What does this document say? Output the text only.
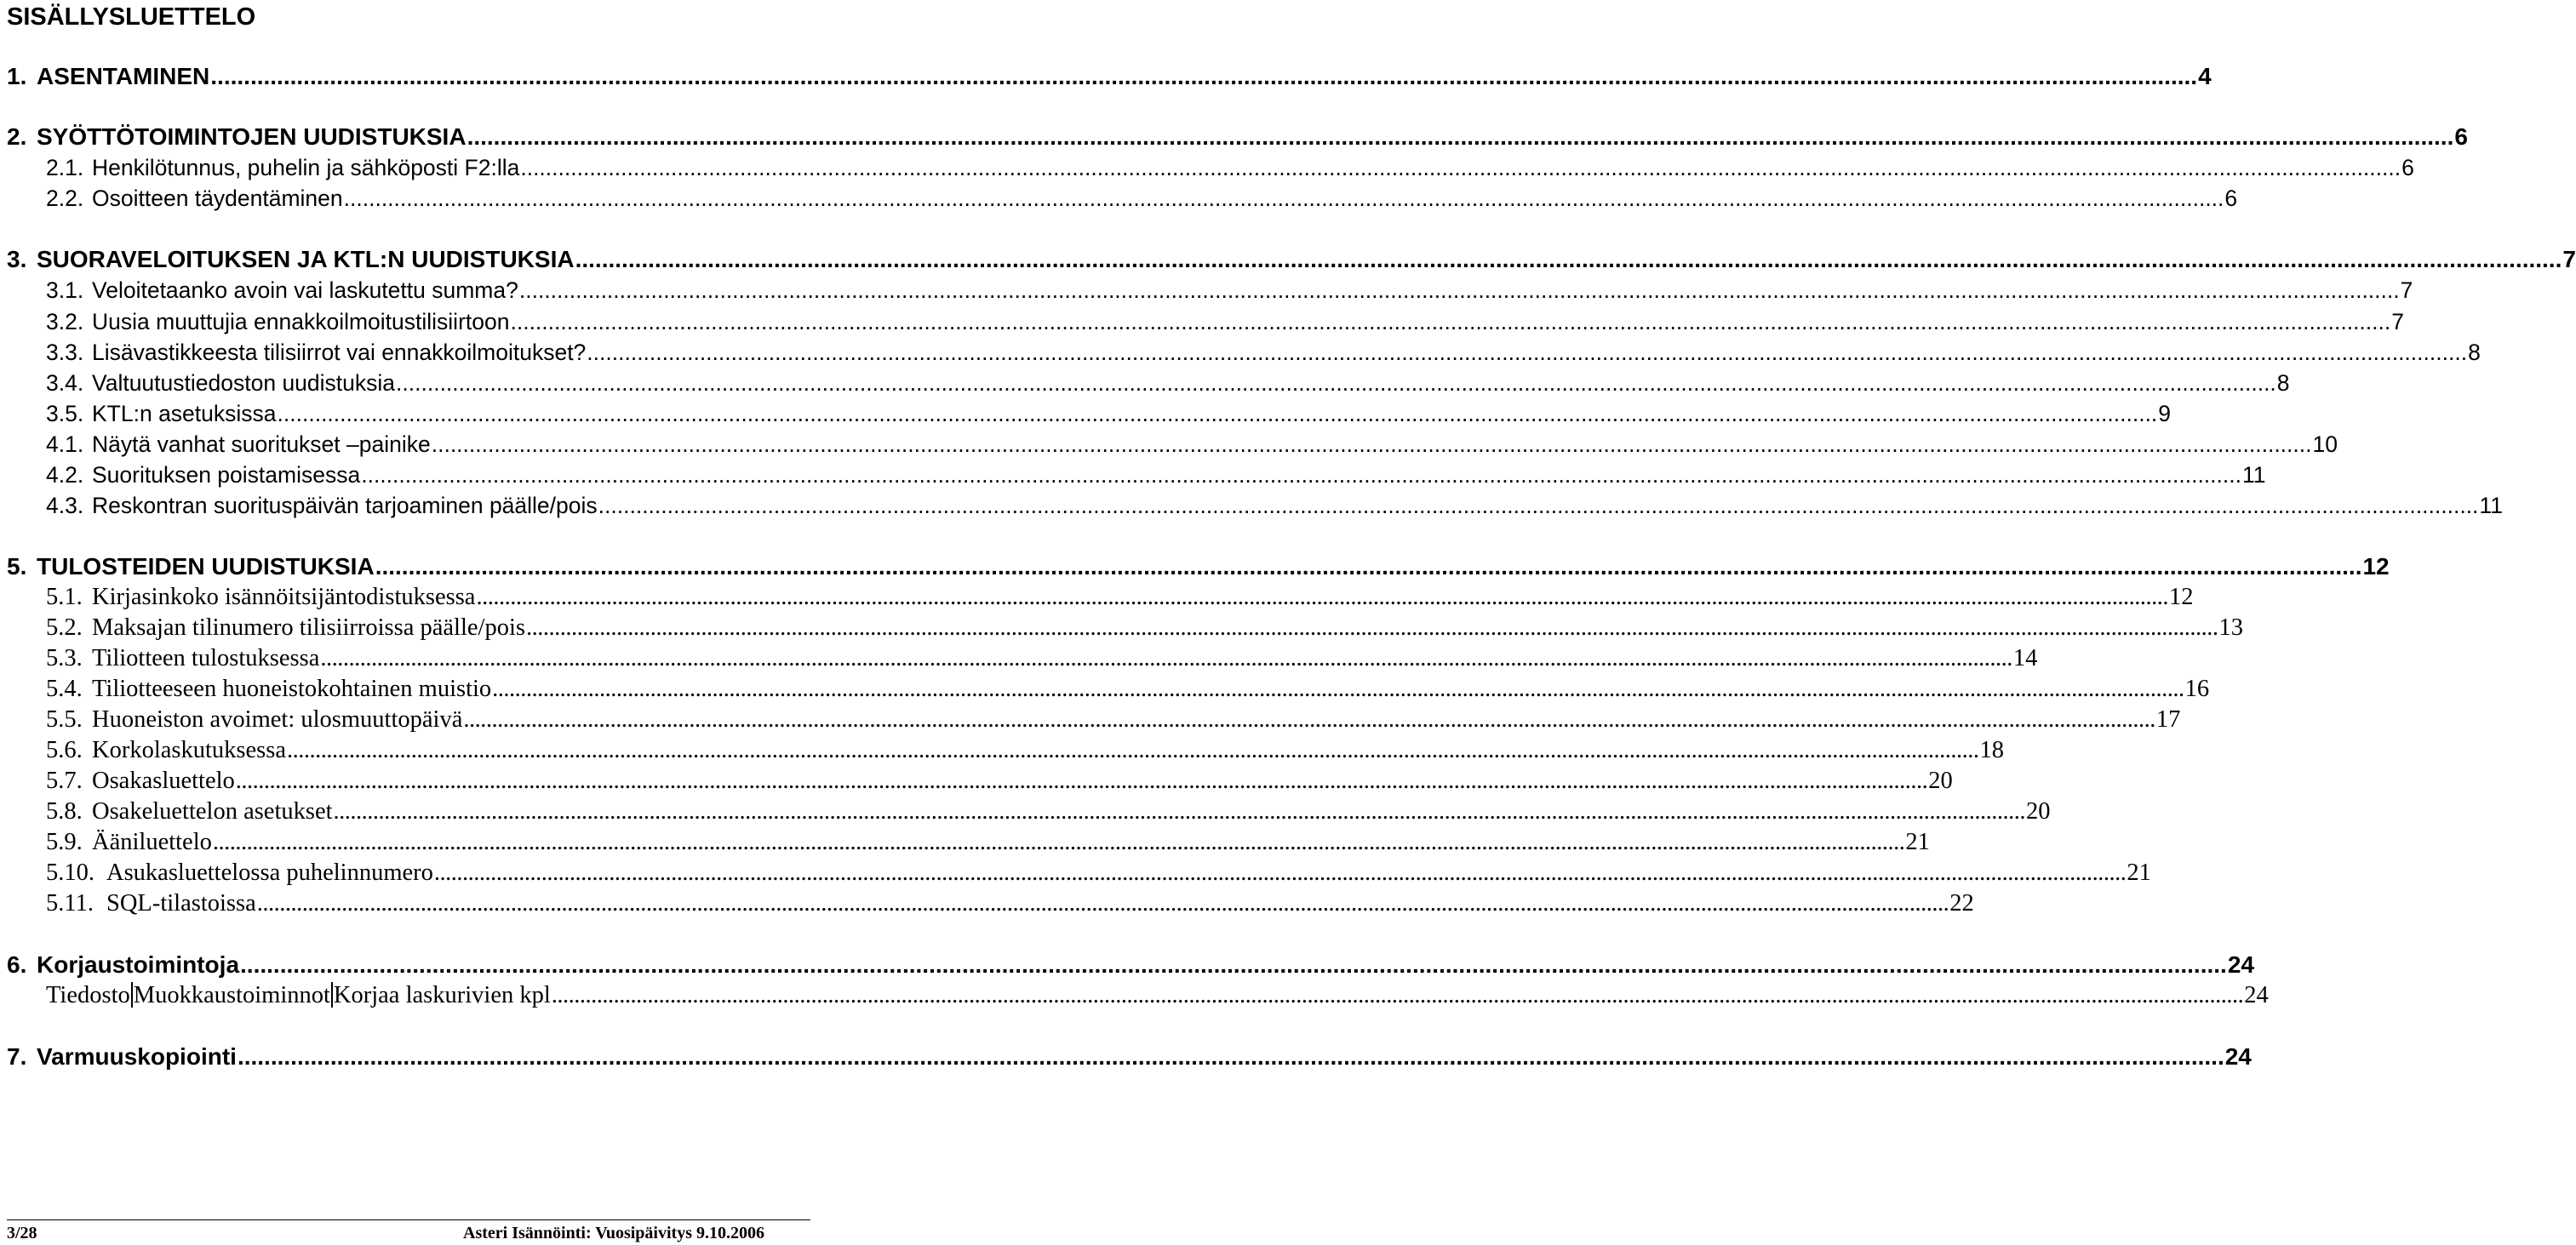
SISÄLLYSLUETTELO
1. ASENTAMINEN ............................................................................................................................................................................................................................................................................................................ 4
2. SYÖTTÖTOIMINTOJEN UUDISTUKSIA ............................................................................................................................................................................................................................................................................................................ 6
2.1. Henkilötunnus, puhelin ja sähköposti F2:lla ............................................................................................................................................................................................................................................................................................................ 6
2.2. Osoitteen täydentäminen ............................................................................................................................................................................................................................................................................................................ 6
3. SUORAVELOITUKSEN JA KTL:N UUDISTUKSIA ............................................................................................................................................................................................................................................................................................................ 7
3.1. Veloitetaanko avoin vai laskutettu summa? ............................................................................................................................................................................................................................................................................................................ 7
3.2. Uusia muuttujia ennakkoilmoitustilisiirtoon ............................................................................................................................................................................................................................................................................................................ 7
3.3. Lisävastikkeesta tilisiirrot vai ennakkoilmoitukset? ............................................................................................................................................................................................................................................................................................................ 8
3.4. Valtuutustiedoston uudistuksia ............................................................................................................................................................................................................................................................................................................ 8
3.5. KTL:n asetuksissa ............................................................................................................................................................................................................................................................................................................ 9
4.1. Näytä vanhat suoritukset –painike ............................................................................................................................................................................................................................................................................................................ 10
4.2. Suorituksen poistamisessa ............................................................................................................................................................................................................................................................................................................ 11
4.3. Reskontran suorituspäivän tarjoaminen päälle/pois ............................................................................................................................................................................................................................................................................................................ 11
5. TULOSTEIDEN UUDISTUKSIA ............................................................................................................................................................................................................................................................................................................ 12
5.1. Kirjasinkoko isännöitsijäntodistuksessa ............................................................................................................................................................................................................................................................................................................ 12
5.2. Maksajan tilinumero tilisiirroissa päälle/pois ............................................................................................................................................................................................................................................................................................................ 13
5.3. Tiliotteen tulostuksessa ............................................................................................................................................................................................................................................................................................................ 14
5.4. Tiliotteeseen huoneistokohtainen muistio ............................................................................................................................................................................................................................................................................................................ 16
5.5. Huoneiston avoimet: ulosmuuttopäivä ............................................................................................................................................................................................................................................................................................................ 17
5.6. Korkolaskutuksessa ............................................................................................................................................................................................................................................................................................................ 18
5.7. Osakasluettelo ............................................................................................................................................................................................................................................................................................................ 20
5.8. Osakeluettelon asetukset ............................................................................................................................................................................................................................................................................................................ 20
5.9. Ääniluettelo ............................................................................................................................................................................................................................................................................................................ 21
5.10. Asukasluettelossa puhelinnumero ............................................................................................................................................................................................................................................................................................................ 21
5.11. SQL-tilastoissa ............................................................................................................................................................................................................................................................................................................ 22
6. Korjaustoimintoja ............................................................................................................................................................................................................................................................................................................ 24
Tiedosto Muokkaustoiminnot Korjaa laskurivien kpl ............................................................................................................................................................................................................................................................................................................ 24
7. Varmuuskopiointi ............................................................................................................................................................................................................................................................................................................ 24
3/28	Asteri Isännöinti: Vuosipäivitys 9.10.2006
